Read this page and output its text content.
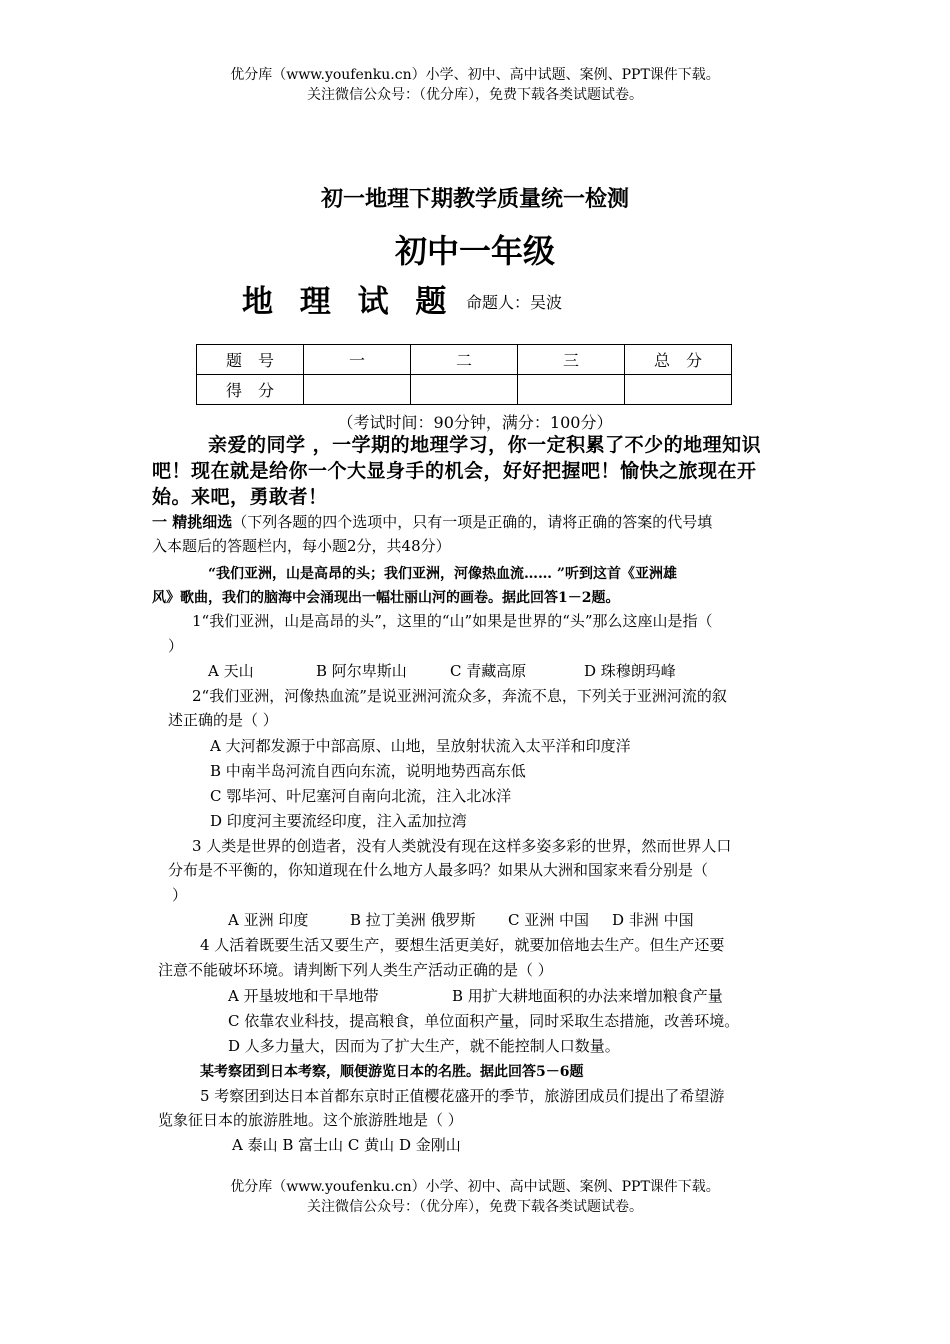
优分库（www.youfenku.cn）小学、初中、高中试题、案例、PPT课件下载。
关注微信公众号：（优分库），免费下载各类试题试卷。
初一地理下期教学质量统一检测
初中一年级
地 理 试 题 命题人：吴波
题　号	一	二	三	总　分
得　分				
（考试时间：90分钟，满分：100分）
亲爱的同学 ，一学期的地理学习，你一定积累了不少的地理知识吧！现在就是给你一个大显身手的机会，好好把握吧！愉快之旅现在开始。来吧，勇敢者！
一 精挑细选（下列各题的四个选项中，只有一项是正确的，请将正确的答案的代号填
入本题后的答题栏内，每小题2分，共48分）
“我们亚洲，山是高昂的头；我们亚洲，河像热血流…… ”听到这首《亚洲雄
风》歌曲，我们的脑海中会涌现出一幅壮丽山河的画卷。据此回答1－2题。
1“我们亚洲，山是高昂的头”，这里的“山”如果是世界的“头”那么这座山是指（
）
A 天山	B 阿尔卑斯山	C 青藏高原	D 珠穆朗玛峰
2“我们亚洲，河像热血流”是说亚洲河流众多，奔流不息，下列关于亚洲河流的叙
述正确的是（ ）
A 大河都发源于中部高原、山地，呈放射状流入太平洋和印度洋
B 中南半岛河流自西向东流，说明地势西高东低
C 鄂毕河、叶尼塞河自南向北流，注入北冰洋
D 印度河主要流经印度，注入孟加拉湾
3 人类是世界的创造者，没有人类就没有现在这样多姿多彩的世界，然而世界人口
分布是不平衡的，你知道现在什么地方人最多吗？如果从大洲和国家来看分别是（
）
A 亚洲 印度	B 拉丁美洲 俄罗斯 C 亚洲 中国 D 非洲 中国
4 人活着既要生活又要生产，要想生活更美好，就要加倍地去生产。但生产还要
注意不能破坏环境。请判断下列人类生产活动正确的是（ ）
A 开垦坡地和干旱地带	B 用扩大耕地面积的办法来增加粮食产量
C 依靠农业科技，提高粮食，单位面积产量，同时采取生态措施，改善环境。
D 人多力量大，因而为了扩大生产，就不能控制人口数量。
某考察团到日本考察，顺便游览日本的名胜。据此回答5－6题
5 考察团到达日本首都东京时正值樱花盛开的季节，旅游团成员们提出了希望游
览象征日本的旅游胜地。这个旅游胜地是（ ）
A 泰山 B 富士山 C 黄山 D 金刚山
优分库（www.youfenku.cn）小学、初中、高中试题、案例、PPT课件下载。
关注微信公众号：（优分库），免费下载各类试题试卷。
